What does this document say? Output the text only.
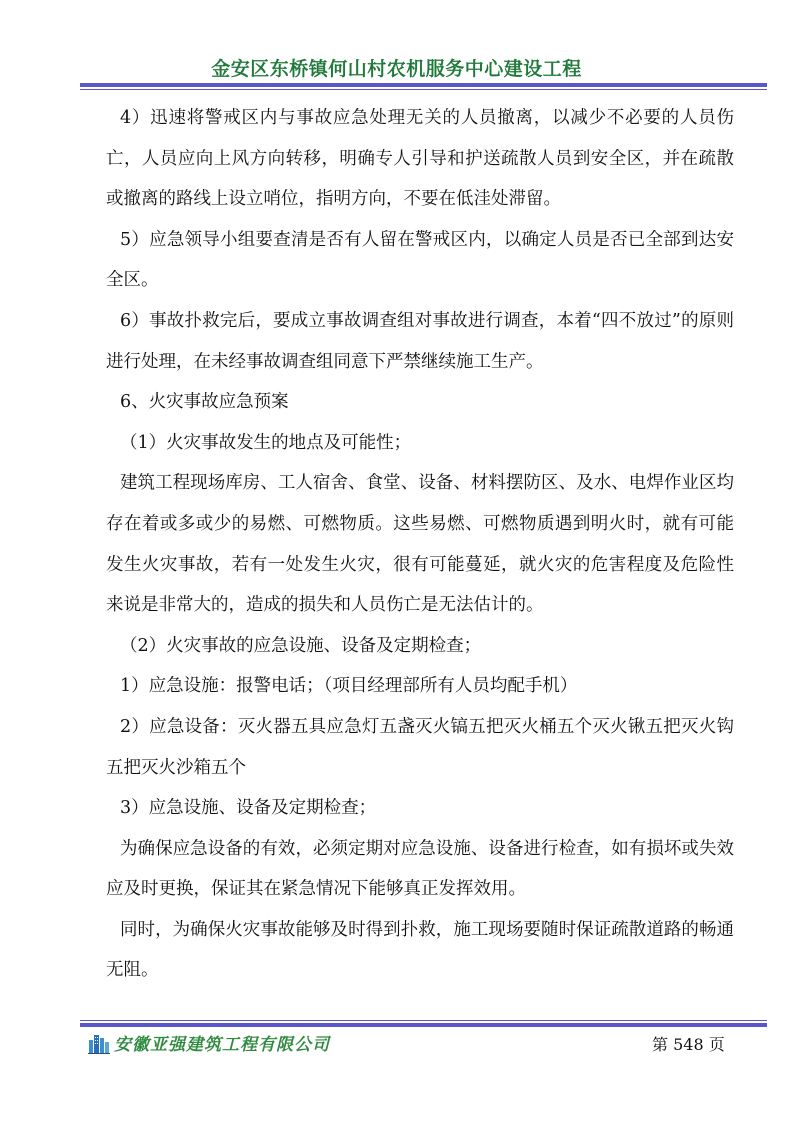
金安区东桥镇何山村农机服务中心建设工程

4）迅速将警戒区内与事故应急处理无关的人员撤离，以减少不必要的人员伤亡，人员应向上风方向转移，明确专人引导和护送疏散人员到安全区，并在疏散或撤离的路线上设立哨位，指明方向，不要在低洼处滞留。

5）应急领导小组要查清是否有人留在警戒区内，以确定人员是否已全部到达安全区。

6）事故扑救完后，要成立事故调查组对事故进行调查，本着“四不放过”的原则进行处理，在未经事故调查组同意下严禁继续施工生产。

6、火灾事故应急预案

（1）火灾事故发生的地点及可能性；

建筑工程现场库房、工人宿舍、食堂、设备、材料摆防区、及水、电焊作业区均存在着或多或少的易燃、可燃物质。这些易燃、可燃物质遇到明火时，就有可能发生火灾事故，若有一处发生火灾，很有可能蔓延，就火灾的危害程度及危险性来说是非常大的，造成的损失和人员伤亡是无法估计的。

（2）火灾事故的应急设施、设备及定期检查；

1）应急设施：报警电话；（项目经理部所有人员均配手机）

2）应急设备：灭火器五具应急灯五盏灭火镐五把灭火桶五个灭火锹五把灭火钩五把灭火沙箱五个

3）应急设施、设备及定期检查；

为确保应急设备的有效，必须定期对应急设施、设备进行检查，如有损坏或失效应及时更换，保证其在紧急情况下能够真正发挥效用。

同时，为确保火灾事故能够及时得到扑救，施工现场要随时保证疏散道路的畅通无阻。

安徽亚强建筑工程有限公司	第 548 页
